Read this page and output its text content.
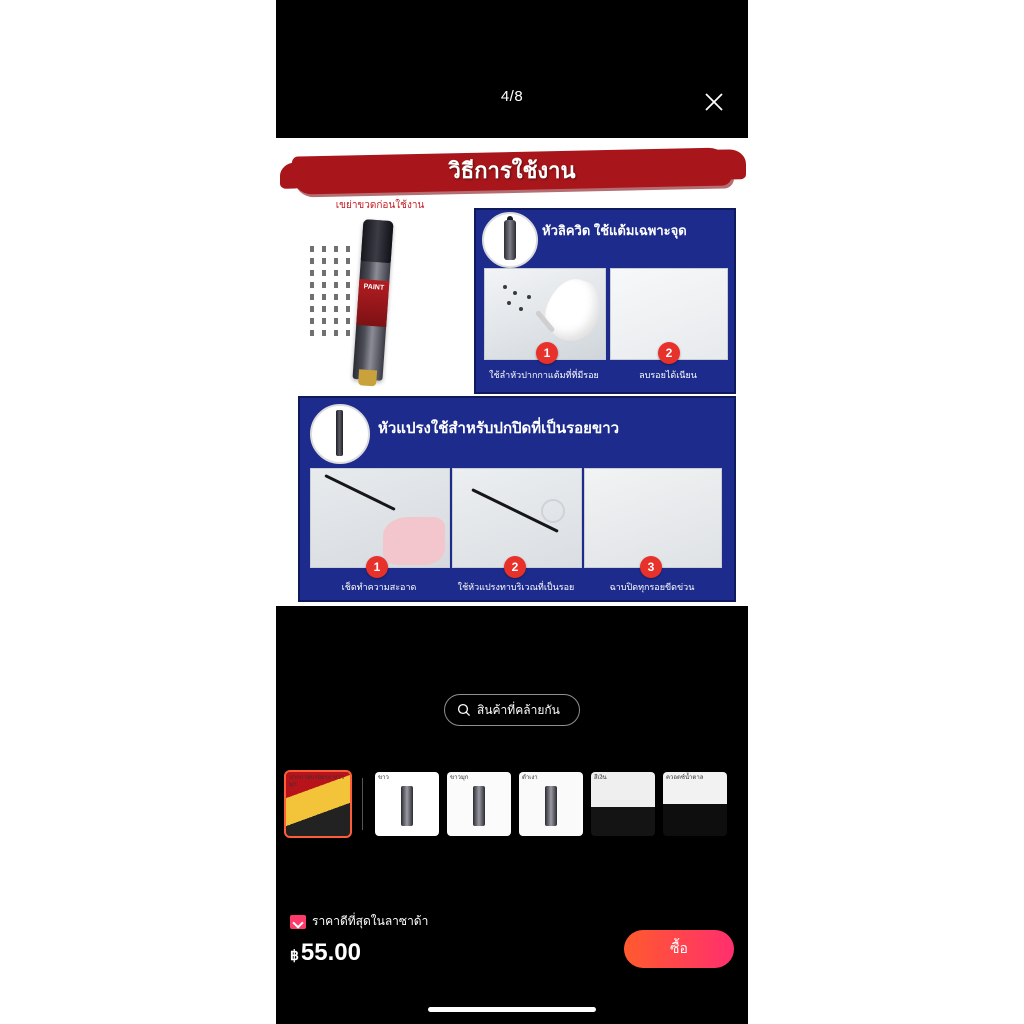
4/8
วิธีการใช้งาน
เขย่าขวดก่อนใช้งาน
PAINT
หัวลิควิด ใช้แต้มเฉพาะจุด
1	2
ใช้ลำหัวปากกาแต้มที่ที่มีรอย	ลบรอยได้เนียน
หัวแปรงใช้สำหรับปกปิดที่เป็นรอยขาว
1	2	3
เช็ดทำความสะอาด	ใช้หัวแปรงทาบริเวณที่เป็นรอย	ฉาบปิดทุกรอยขีดข่วน
สินค้าที่คล้ายกัน
ปากกาลบรอยรถ ขาวมุก
ขาว	ขาวมุก	ดำเงา	สีเงิน	ควอตซ์น้ำตาล
ราคาดีที่สุดในลาซาด้า
฿55.00	ซื้อ
